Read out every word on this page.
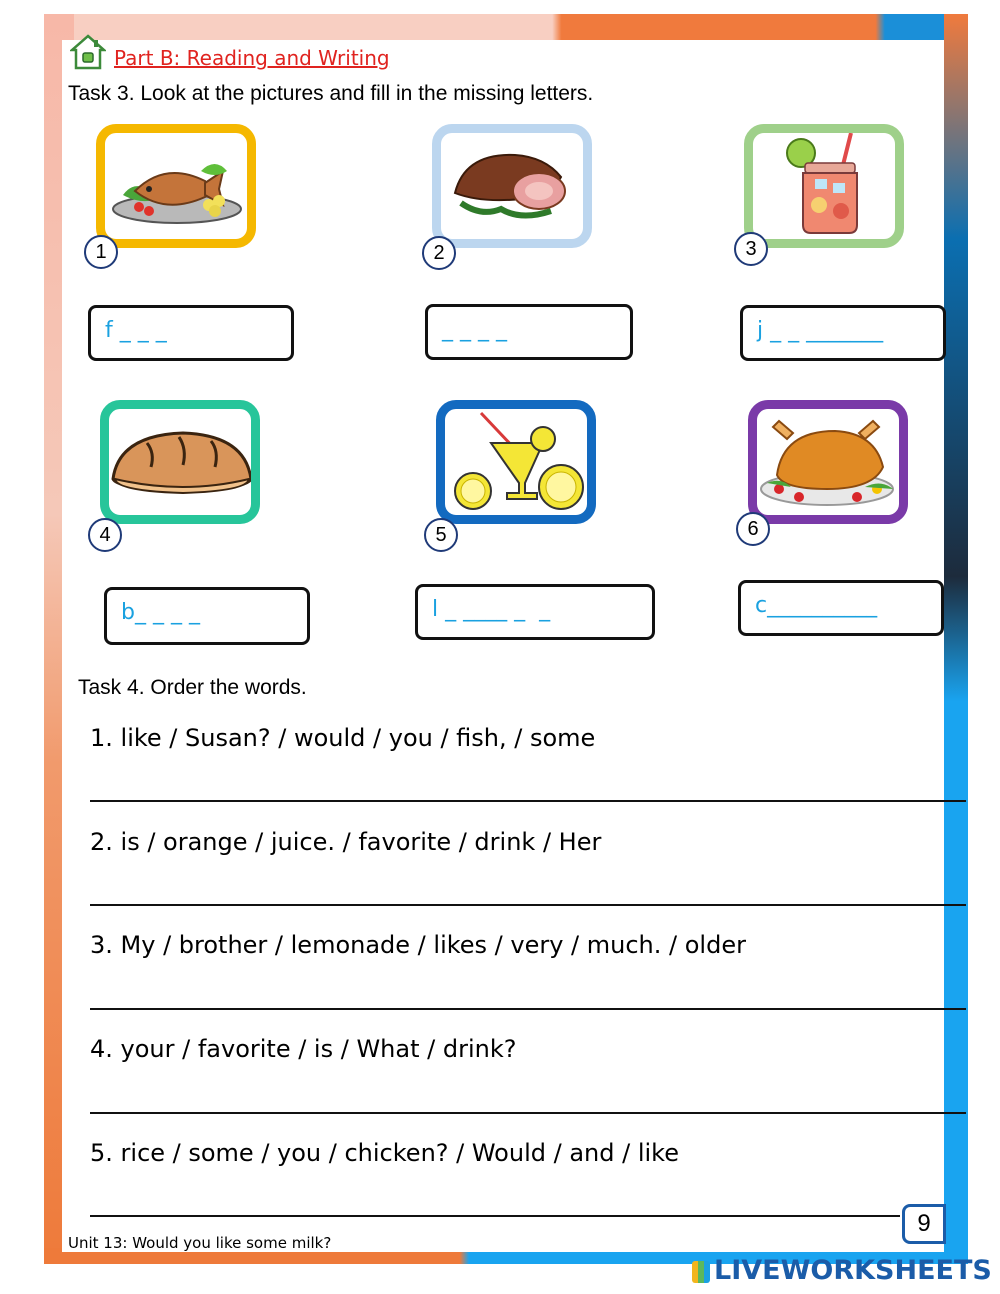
Part B: Reading and Writing
Task 3. Look at the pictures and fill in the missing letters.
1	2	3
4	5	6
f _ _ _	_ _ _ _	j _ _ _______
b_ _ _ _	l _ ____ _  _	c__________
Task 4. Order the words.
1. like / Susan? / would / you / fish, / some
2. is / orange / juice. / favorite / drink / Her
3. My / brother / lemonade / likes / very / much. / older
4. your / favorite / is / What / drink?
5. rice / some / you / chicken? / Would / and / like
Unit 13: Would you like some milk?
9
LIVEWORKSHEETS
